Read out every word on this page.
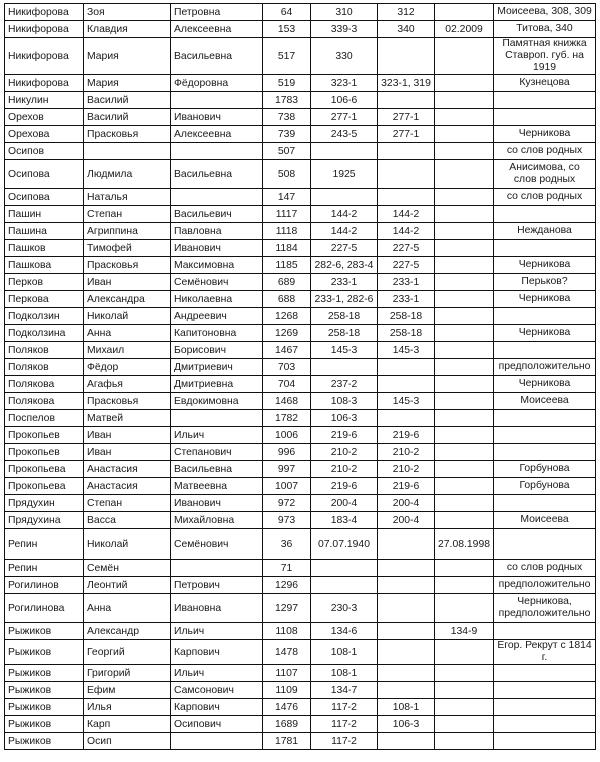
Никифорова	Зоя	Петровна	64	310	312		Моисеева, 308, 309
Никифорова	Клавдия	Алексеевна	153	339-3	340	02.2009	Титова, 340
Никифорова	Мария	Васильевна	517	330			Памятная книжка Ставроп. губ. на 1919
Никифорова	Мария	Фёдоровна	519	323-1	323-1, 319		Кузнецова
Никулин	Василий		1783	106-6			
Орехов	Василий	Иванович	738	277-1	277-1		
Орехова	Прасковья	Алексеевна	739	243-5	277-1		Черникова
Осипов			507				со слов родных
Осипова	Людмила	Васильевна	508	1925			Анисимова, со слов родных
Осипова	Наталья		147				со слов родных
Пашин	Степан	Васильевич	1117	144-2	144-2		
Пашина	Агриппина	Павловна	1118	144-2	144-2		Нежданова
Пашков	Тимофей	Иванович	1184	227-5	227-5		
Пашкова	Прасковья	Максимовна	1185	282-6, 283-4	227-5		Черникова
Перков	Иван	Семёнович	689	233-1	233-1		Перьков?
Перкова	Александра	Николаевна	688	233-1, 282-6	233-1		Черникова
Подколзин	Николай	Андреевич	1268	258-18	258-18		
Подколзина	Анна	Капитоновна	1269	258-18	258-18		Черникова
Поляков	Михаил	Борисович	1467	145-3	145-3		
Поляков	Фёдор	Дмитриевич	703				предположительно
Полякова	Агафья	Дмитриевна	704	237-2			Черникова
Полякова	Прасковья	Евдокимовна	1468	108-3	145-3		Моисеева
Поспелов	Матвей		1782	106-3			
Прокопьев	Иван	Ильич	1006	219-6	219-6		
Прокопьев	Иван	Степанович	996	210-2	210-2		
Прокопьева	Анастасия	Васильевна	997	210-2	210-2		Горбунова
Прокопьева	Анастасия	Матвеевна	1007	219-6	219-6		Горбунова
Прядухин	Степан	Иванович	972	200-4	200-4		
Прядухина	Васса	Михайловна	973	183-4	200-4		Моисеева
Репин	Николай	Семёнович	36	07.07.1940		27.08.1998	
Репин	Семён		71				со слов родных
Рогилинов	Леонтий	Петрович	1296				предположительно
Рогилинова	Анна	Ивановна	1297	230-3			Черникова, предположительно
Рыжиков	Александр	Ильич	1108	134-6		134-9	
Рыжиков	Георгий	Карпович	1478	108-1			Егор. Рекрут с 1814 г.
Рыжиков	Григорий	Ильич	1107	108-1			
Рыжиков	Ефим	Самсонович	1109	134-7			
Рыжиков	Илья	Карпович	1476	117-2	108-1		
Рыжиков	Карп	Осипович	1689	117-2	106-3		
Рыжиков	Осип		1781	117-2			
